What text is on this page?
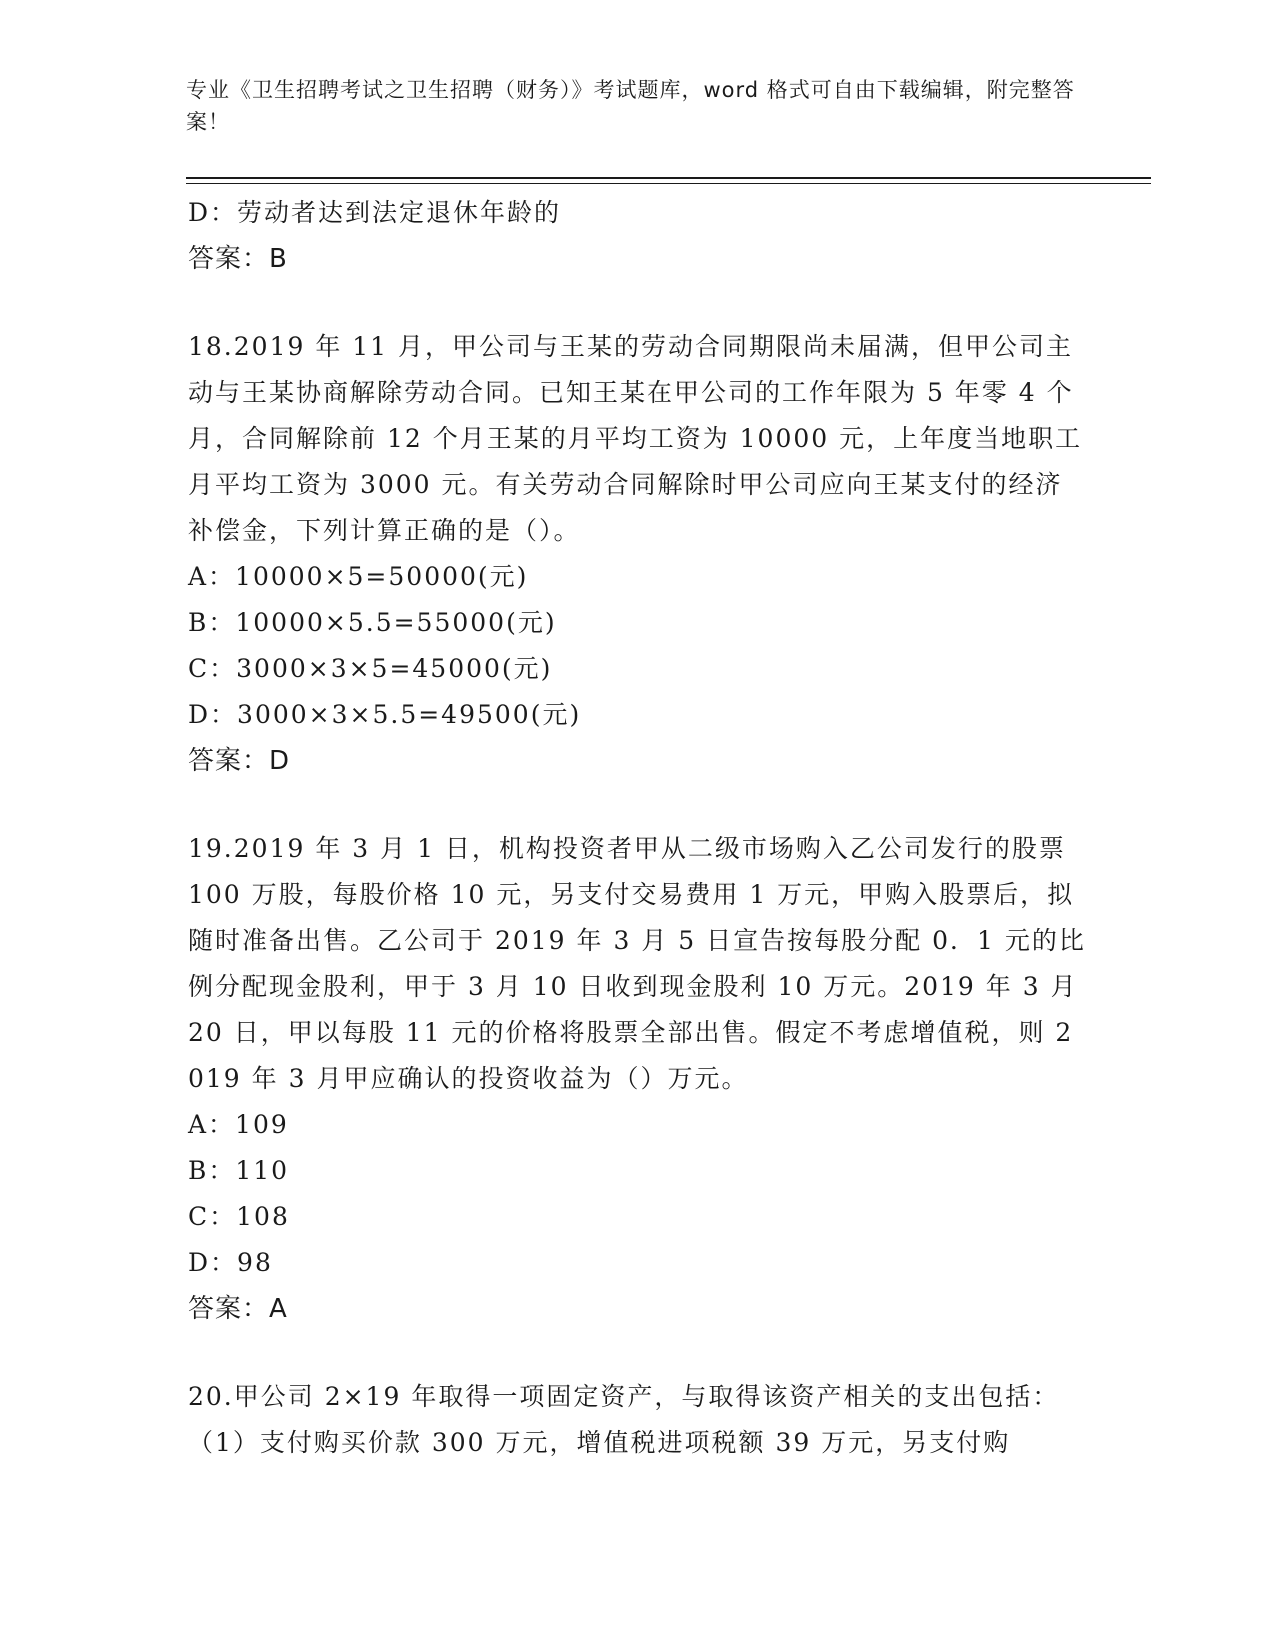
专业《卫生招聘考试之卫生招聘（财务）》考试题库，word 格式可自由下载编辑，附完整答案！
D：劳动者达到法定退休年龄的
答案：B
18.2019 年 11 月，甲公司与王某的劳动合同期限尚未届满，但甲公司主动与王某协商解除劳动合同。已知王某在甲公司的工作年限为 5 年零 4 个月，合同解除前 12 个月王某的月平均工资为 10000 元，上年度当地职工月平均工资为 3000 元。有关劳动合同解除时甲公司应向王某支付的经济补偿金，下列计算正确的是（）。
A：10000×5=50000(元)
B：10000×5.5=55000(元)
C：3000×3×5=45000(元)
D：3000×3×5.5=49500(元)
答案：D
19.2019 年 3 月 1 日，机构投资者甲从二级市场购入乙公司发行的股票 100 万股，每股价格 10 元，另支付交易费用 1 万元，甲购入股票后，拟随时准备出售。乙公司于 2019 年 3 月 5 日宣告按每股分配 0．1 元的比例分配现金股利，甲于 3 月 10 日收到现金股利 10 万元。2019 年 3 月 20 日，甲以每股 11 元的价格将股票全部出售。假定不考虑增值税，则 2019 年 3 月甲应确认的投资收益为（）万元。
A：109
B：110
C：108
D：98
答案：A
20.甲公司 2×19 年取得一项固定资产，与取得该资产相关的支出包括：（1）支付购买价款 300 万元，增值税进项税额 39 万元，另支付购
